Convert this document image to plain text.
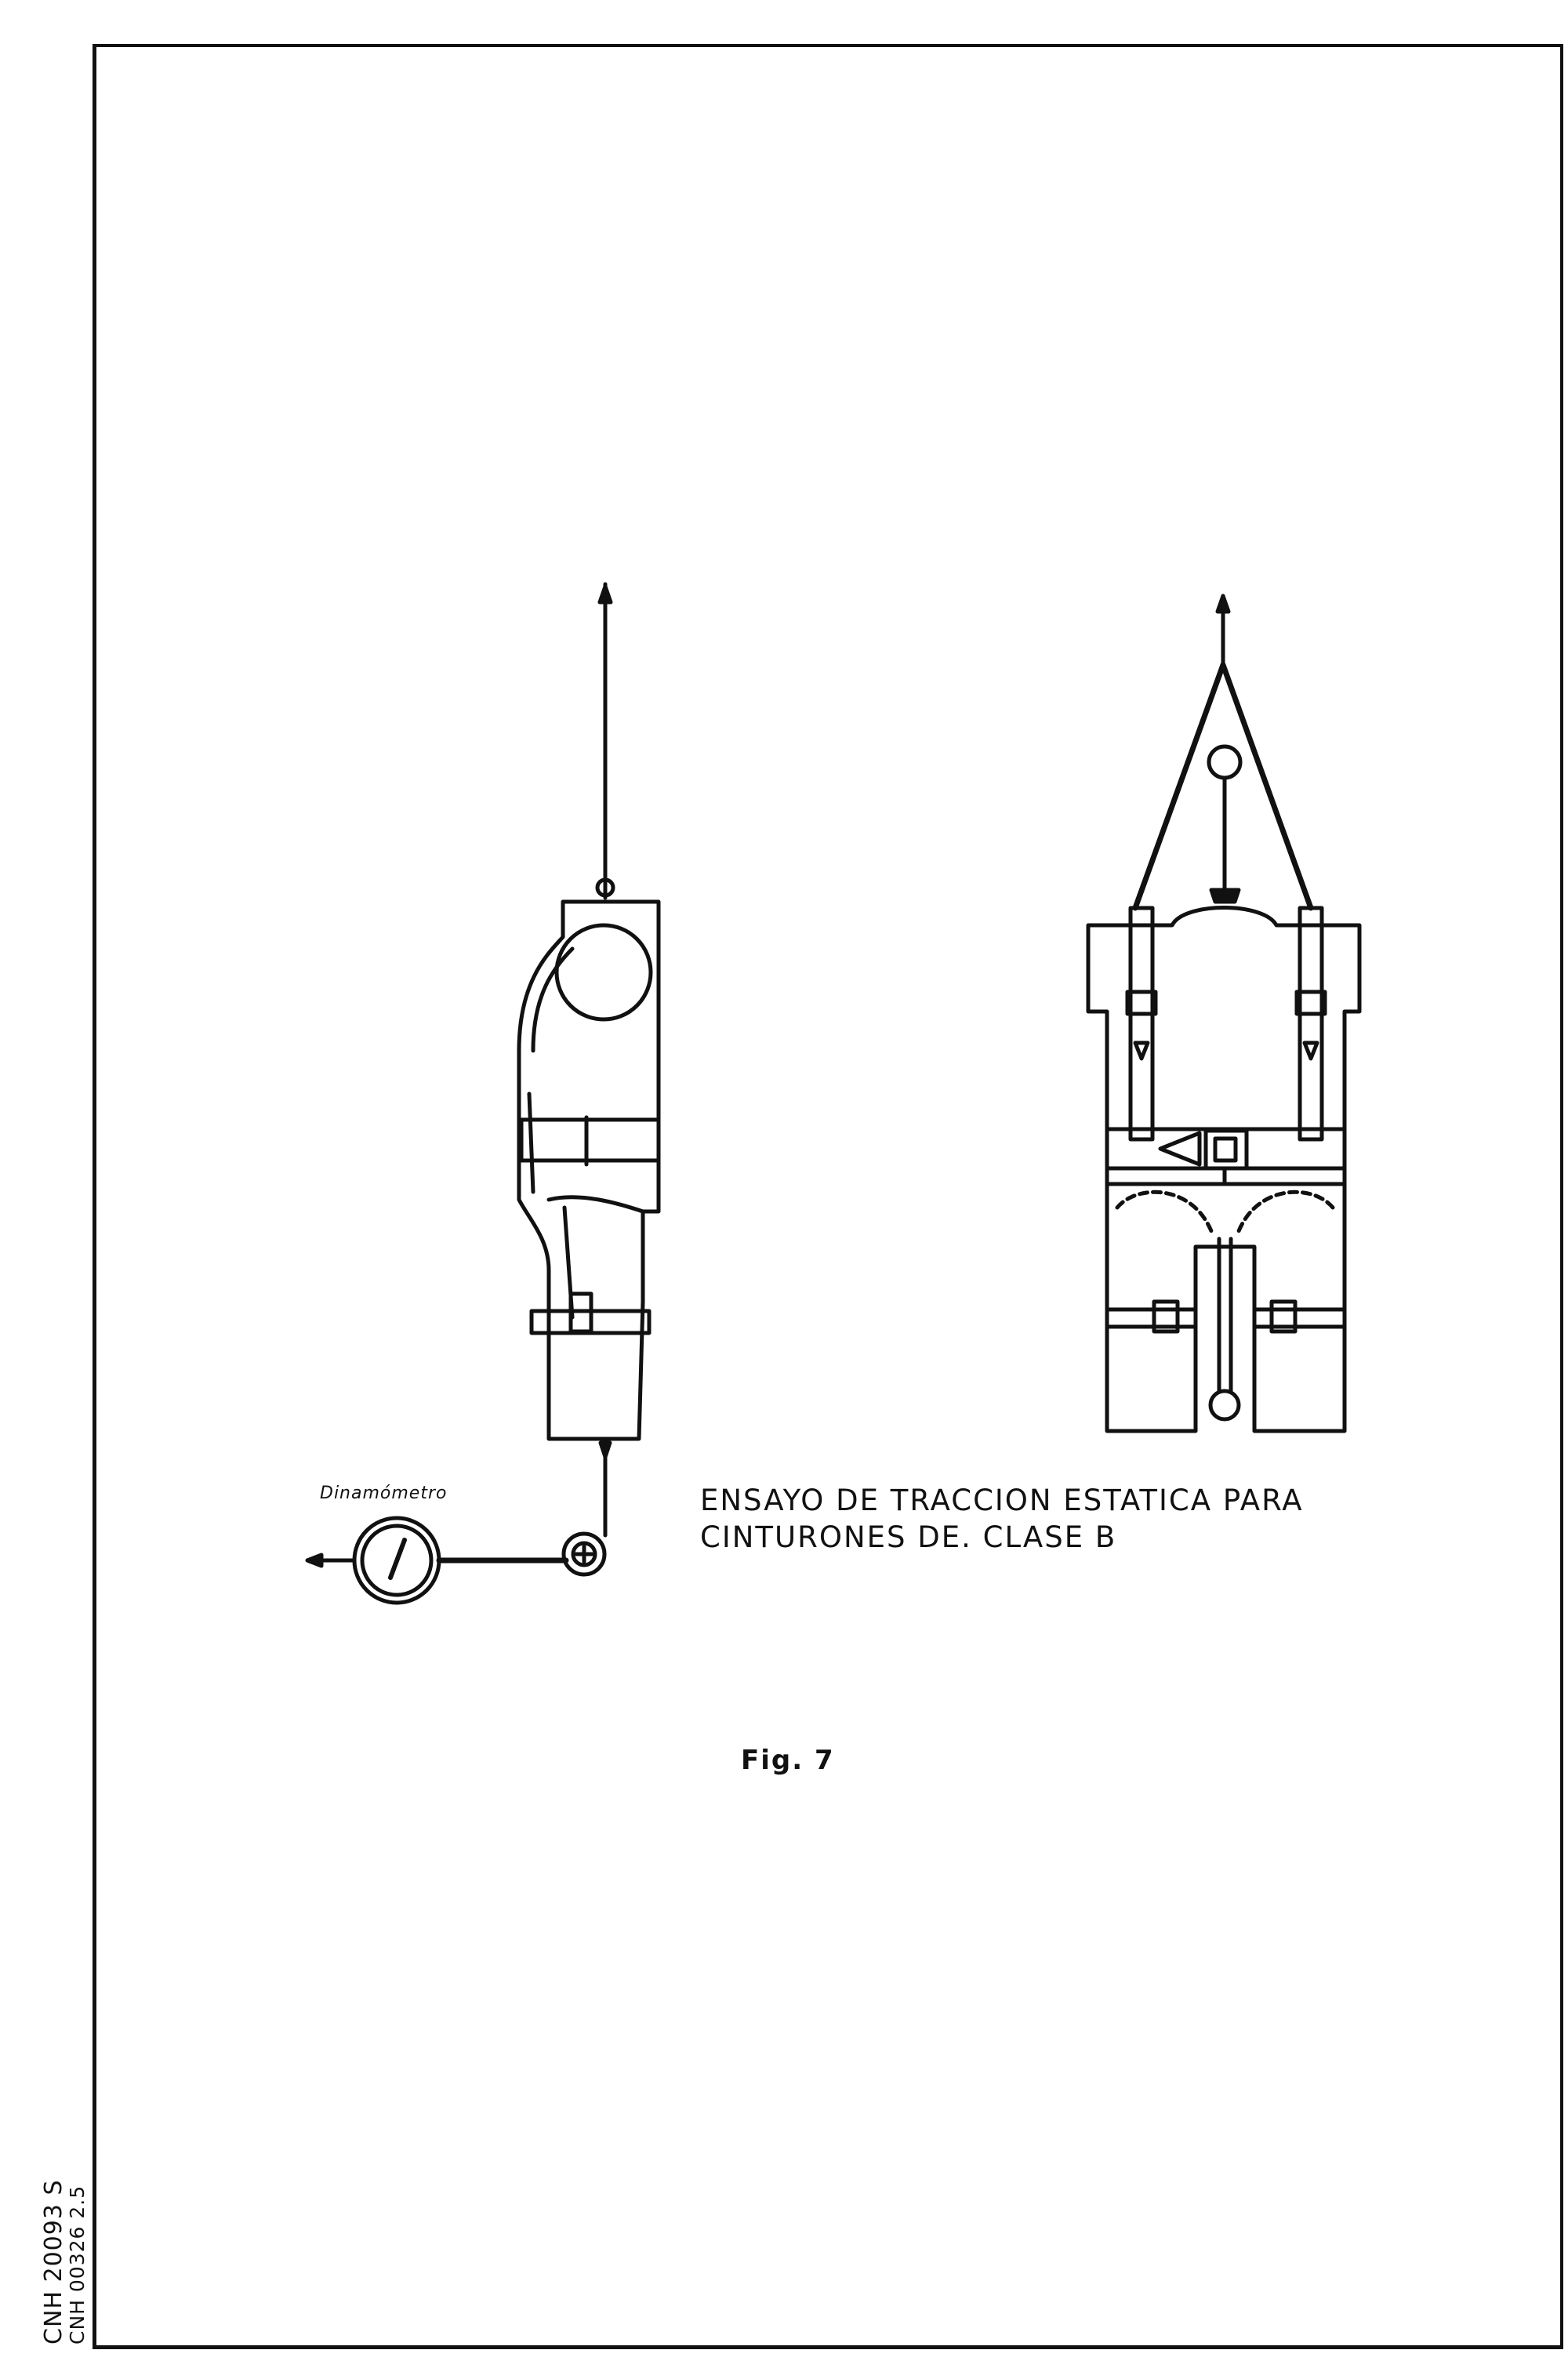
Dinamómetro	ENSAYO DE TRACCION ESTATICA PARA
CINTURONES DE. CLASE B
Fig. 7
CNH 20093 S
CNH 00326 2.5
